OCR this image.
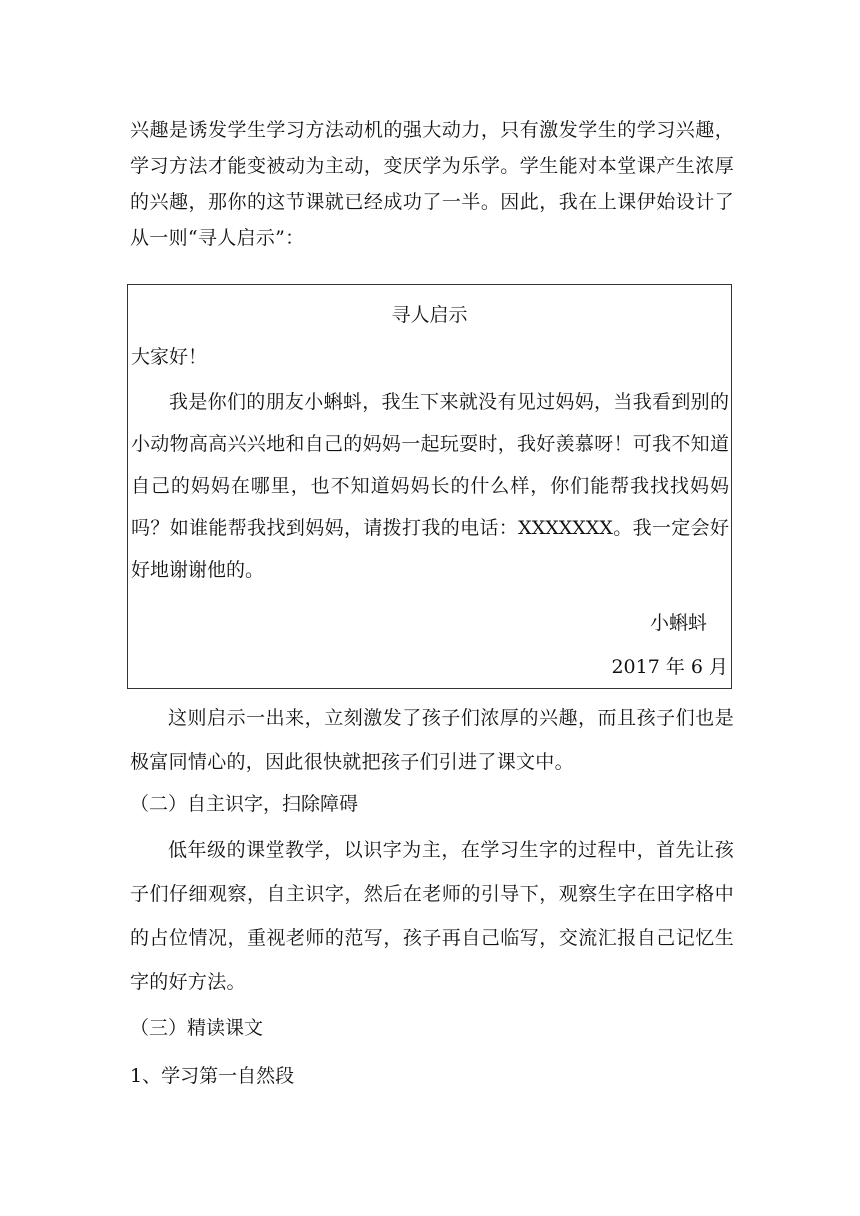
兴趣是诱发学生学习方法动机的强大动力，只有激发学生的学习兴趣，学习方法才能变被动为主动，变厌学为乐学。学生能对本堂课产生浓厚的兴趣，那你的这节课就已经成功了一半。因此，我在上课伊始设计了从一则“寻人启示”：

寻人启示
大家好！
我是你们的朋友小蝌蚪，我生下来就没有见过妈妈，当我看到别的小动物高高兴兴地和自己的妈妈一起玩耍时，我好羡慕呀！可我不知道自己的妈妈在哪里，也不知道妈妈长的什么样，你们能帮我找找妈妈吗？如谁能帮我找到妈妈，请拨打我的电话：XXXXXXX。我一定会好好地谢谢他的。
小蝌蚪
2017 年 6 月

这则启示一出来，立刻激发了孩子们浓厚的兴趣，而且孩子们也是极富同情心的，因此很快就把孩子们引进了课文中。

（二）自主识字，扫除障碍

低年级的课堂教学，以识字为主，在学习生字的过程中，首先让孩子们仔细观察，自主识字，然后在老师的引导下，观察生字在田字格中的占位情况，重视老师的范写，孩子再自己临写，交流汇报自己记忆生字的好方法。

（三）精读课文
1、学习第一自然段
